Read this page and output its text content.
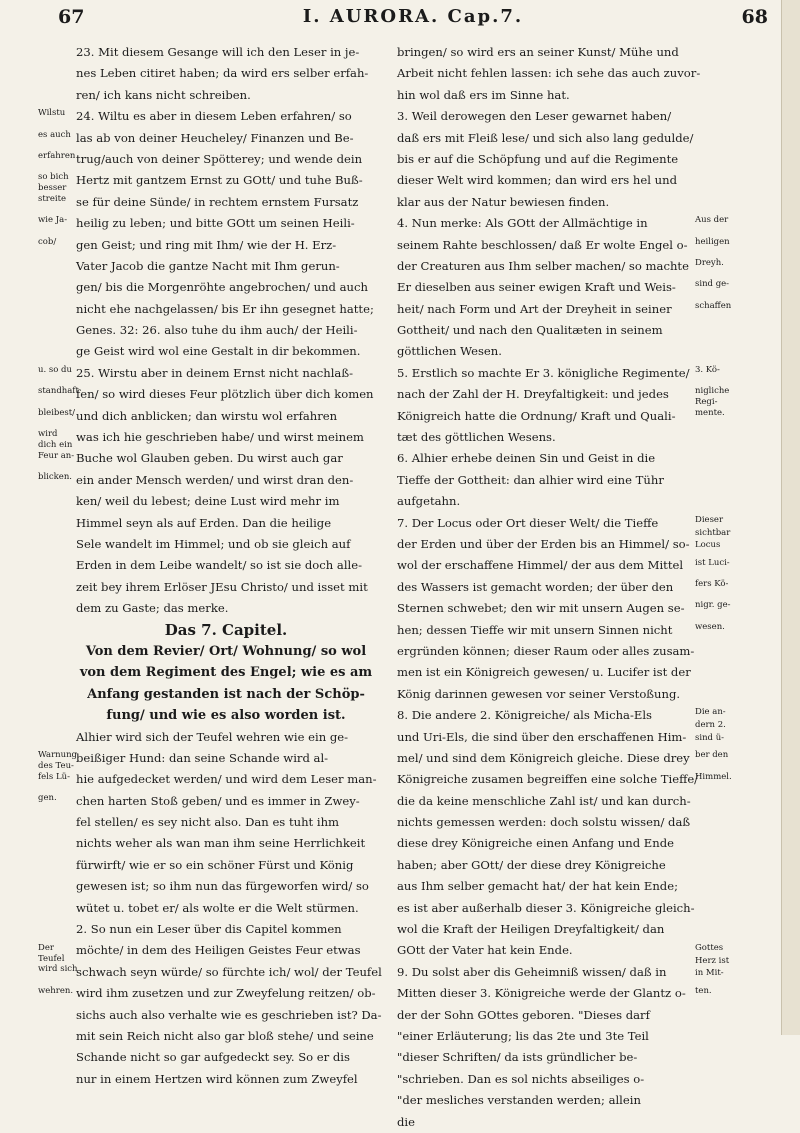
67	I. AURORA. Cap.7.	68
Wilstu
es auch
erfahren
so bich
besser
streite
wie Ja-
cob/
u. so du
standhaft
bleibest/
wird
dich ein
Feur an-
blicken.
Warnung
des Teu-
fels Lü-
gen.
Der
Teufel
wird sich
wehren.
23. Mit diesem Gesange will ich den Leser in je-
nes Leben citiret haben; da wird ers selber erfah-
ren/ ich kans nicht schreiben.
24. Wiltu es aber in diesem Leben erfahren/ so
las ab von deiner Heucheley/ Finanzen und Be-
trug/auch von deiner Spötterey; und wende dein
Hertz mit gantzem Ernst zu GOtt/ und tuhe Buß-
se für deine Sünde/ in rechtem ernstem Fursatz
heilig zu leben; und bitte GOtt um seinen Heili-
gen Geist; und ring mit Ihm/ wie der H. Erz-
Vater Jacob die gantze Nacht mit Ihm gerun-
gen/ bis die Morgenröhte angebrochen/ und auch
nicht ehe nachgelassen/ bis Er ihn gesegnet hatte;
Genes. 32: 26. also tuhe du ihm auch/ der Heili-
ge Geist wird wol eine Gestalt in dir bekommen.
25. Wirstu aber in deinem Ernst nicht nachlaß-
fen/ so wird dieses Feur plötzlich über dich komen
und dich anblicken; dan wirstu wol erfahren
was ich hie geschrieben habe/ und wirst meinem
Buche wol Glauben geben. Du wirst auch gar
ein ander Mensch werden/ und wirst dran den-
ken/ weil du lebest; deine Lust wird mehr im
Himmel seyn als auf Erden. Dan die heilige
Sele wandelt im Himmel; und ob sie gleich auf
Erden in dem Leibe wandelt/ so ist sie doch alle-
zeit bey ihrem Erlöser JEsu Christo/ und isset mit
dem zu Gaste; das merke.
Das 7. Capitel.
Von dem Revier/ Ort/ Wohnung/ so wol
von dem Regiment des Engel; wie es am
Anfang gestanden ist nach der Schöp-
fung/ und wie es also worden ist.
Alhier wird sich der Teufel wehren wie ein ge-
beißiger Hund: dan seine Schande wird al-
hie aufgedecket werden/ und wird dem Leser man-
chen harten Stoß geben/ und es immer in Zwey-
fel stellen/ es sey nicht also. Dan es tuht ihm
nichts weher als wan man ihm seine Herrlichkeit
fürwirft/ wie er so ein schöner Fürst und König
gewesen ist; so ihm nun das fürgeworfen wird/ so
wütet u. tobet er/ als wolte er die Welt stürmen.
2. So nun ein Leser über dis Capitel kommen
möchte/ in dem des Heiligen Geistes Feur etwas
schwach seyn würde/ so fürchte ich/ wol/ der Teufel
wird ihm zusetzen und zur Zweyfelung reitzen/ ob-
sichs auch also verhalte wie es geschrieben ist? Da-
mit sein Reich nicht also gar bloß stehe/ und seine
Schande nicht so gar aufgedeckt sey. So er dis
nur in einem Hertzen wird können zum Zweyfel
bringen/ so wird ers an seiner Kunst/ Mühe und
Arbeit nicht fehlen lassen: ich sehe das auch zuvor-
hin wol daß ers im Sinne hat.
3. Weil derowegen den Leser gewarnet haben/
daß ers mit Fleiß lese/ und sich also lang gedulde/
bis er auf die Schöpfung und auf die Regimente
dieser Welt wird kommen; dan wird ers hel und
klar aus der Natur bewiesen finden.
4. Nun merke: Als GOtt der Allmächtige in
seinem Rahte beschlossen/ daß Er wolte Engel o-
der Creaturen aus Ihm selber machen/ so machte
Er dieselben aus seiner ewigen Kraft und Weis-
heit/ nach Form und Art der Dreyheit in seiner
Gottheit/ und nach den Qualitæten in seinem
göttlichen Wesen.
5. Erstlich so machte Er 3. königliche Regimente/
nach der Zahl der H. Dreyfaltigkeit: und jedes
Königreich hatte die Ordnung/ Kraft und Quali-
tæt des göttlichen Wesens.
6. Alhier erhebe deinen Sin und Geist in die
Tieffe der Gottheit: dan alhier wird eine Tühr
aufgetahn.
7. Der Locus oder Ort dieser Welt/ die Tieffe
der Erden und über der Erden bis an Himmel/ so-
wol der erschaffene Himmel/ der aus dem Mittel
des Wassers ist gemacht worden; der über den
Sternen schwebet; den wir mit unsern Augen se-
hen; dessen Tieffe wir mit unsern Sinnen nicht
ergründen können; dieser Raum oder alles zusam-
men ist ein Königreich gewesen/ u. Lucifer ist der
König darinnen gewesen vor seiner Verstoßung.
8. Die andere 2. Königreiche/ als Micha-Els
und Uri-Els, die sind über den erschaffenen Him-
mel/ und sind dem Königreich gleiche. Diese drey
Königreiche zusamen begreiffen eine solche Tieffe/
die da keine menschliche Zahl ist/ und kan durch-
nichts gemessen werden: doch solstu wissen/ daß
diese drey Königreiche einen Anfang und Ende
haben; aber GOtt/ der diese drey Königreiche
aus Ihm selber gemacht hat/ der hat kein Ende;
es ist aber außerhalb dieser 3. Königreiche gleich-
wol die Kraft der Heiligen Dreyfaltigkeit/ dan
GOtt der Vater hat kein Ende.
9. Du solst aber dis Geheimniß wissen/ daß in
Mitten dieser 3. Königreiche werde der Glantz o-
der der Sohn GOttes geboren. "Dieses darf
"einer Erläuterung; lis das 2te und 3te Teil
"dieser Schriften/ da ists gründlicher be-
"schrieben. Dan es sol nichts abseiliges o-
"der mesliches verstanden werden; allein
die
Aus der
heiligen
Dreyh.
sind ge-
schaffen
3. Kö-
nigliche
Regi-
mente.
Dieser
sichtbar
Locus
ist Luci-
fers Kö-
nigr. ge-
wesen.
Die an-
dern 2.
sind ü-
ber den
Himmel.
Gottes
Herz ist
in Mit-
ten.
